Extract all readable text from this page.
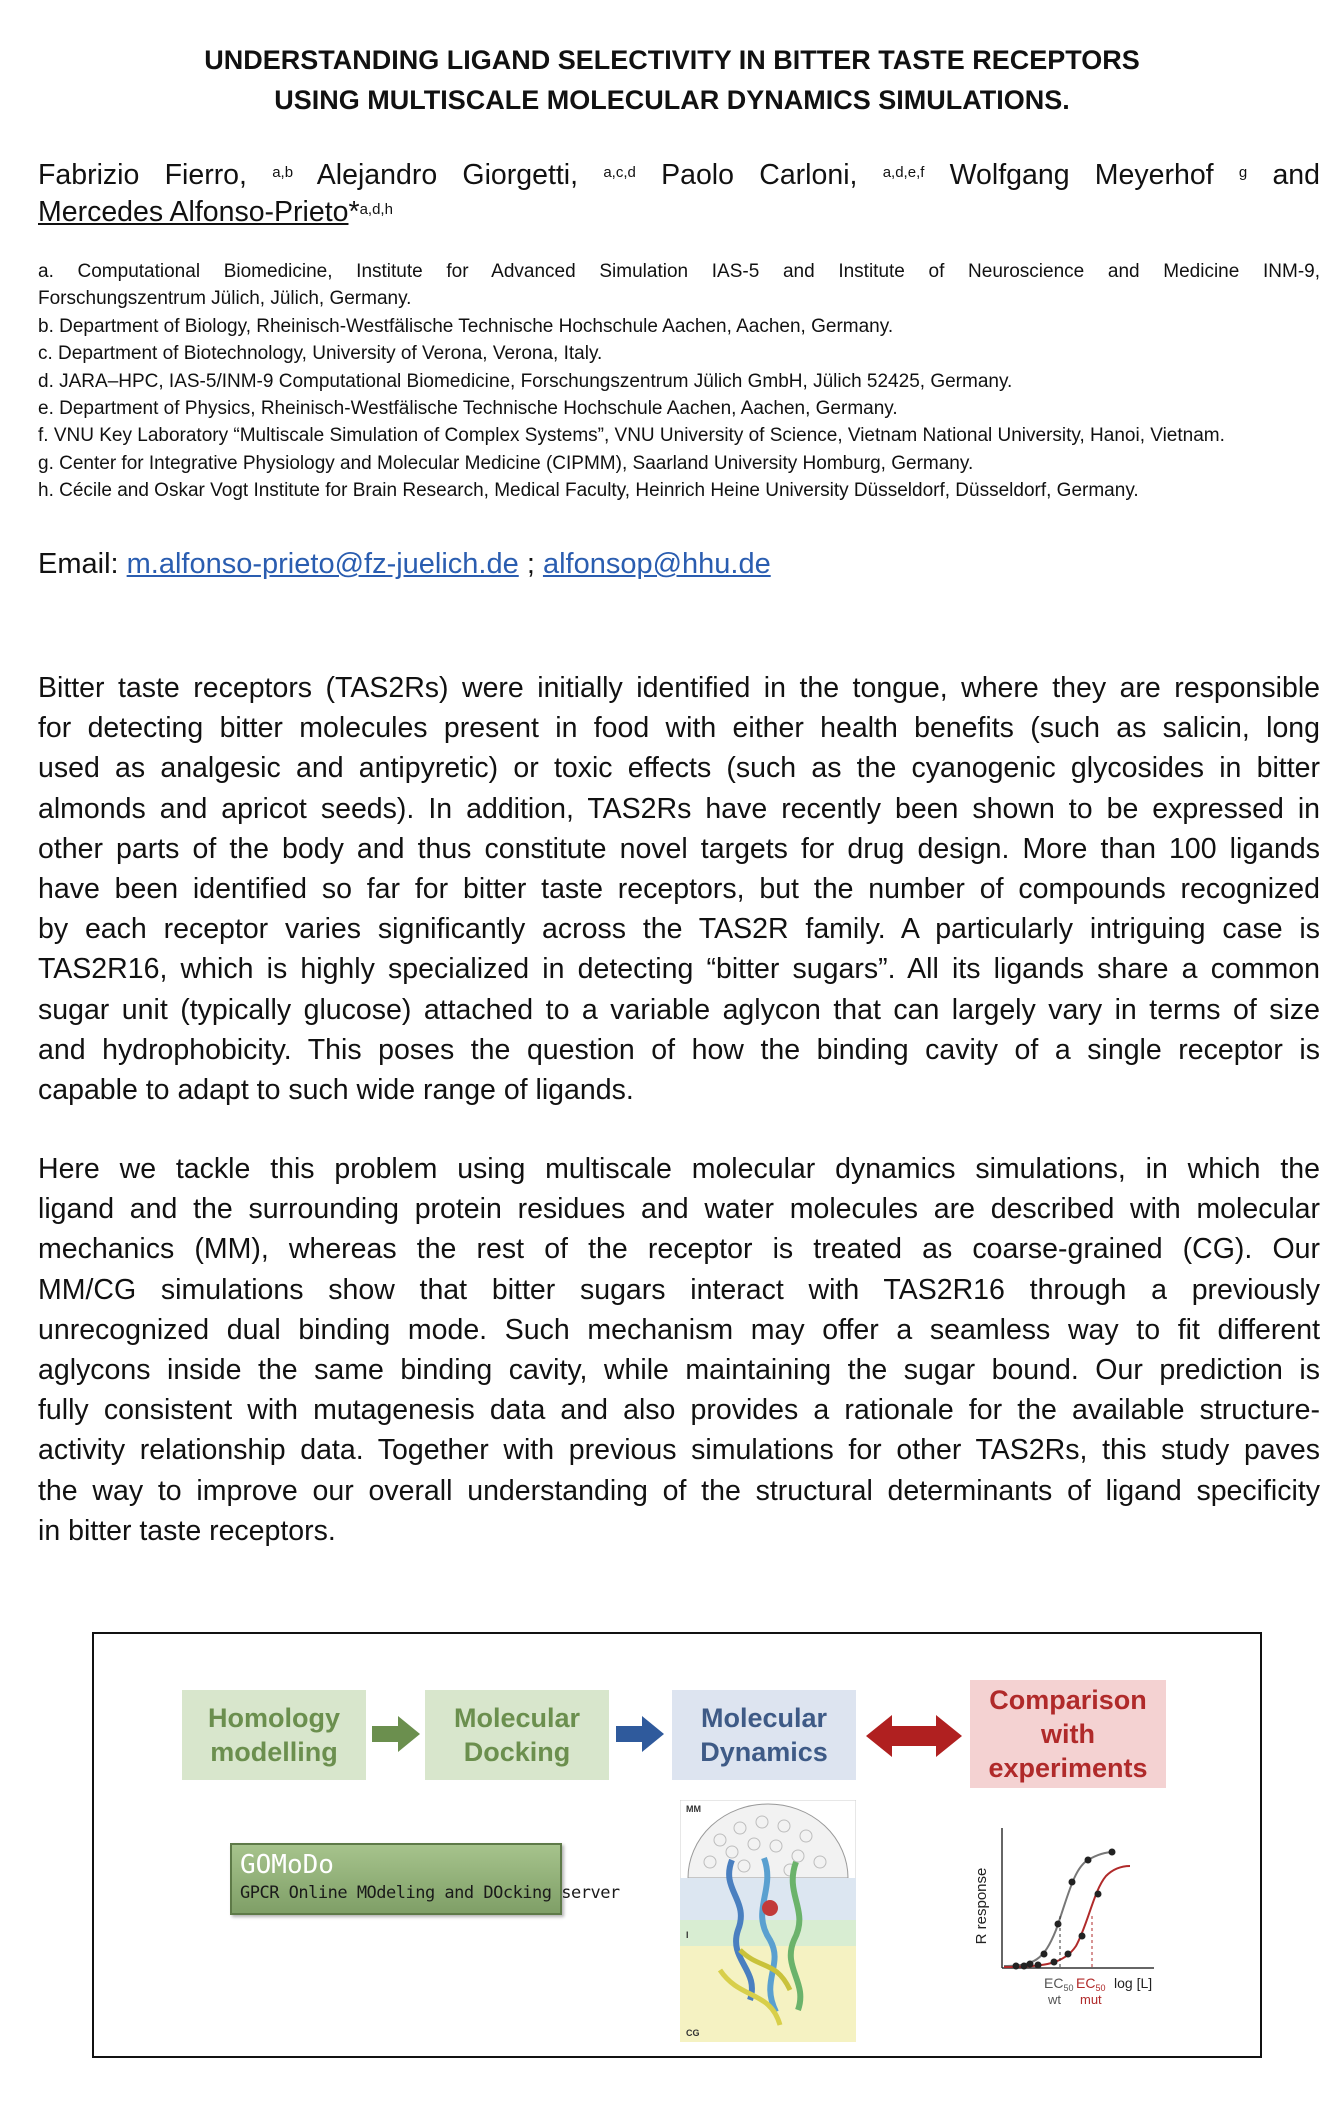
UNDERSTANDING LIGAND SELECTIVITY IN BITTER TASTE RECEPTORS
USING MULTISCALE MOLECULAR DYNAMICS SIMULATIONS.
Fabrizio Fierro, $^{a,b}$ Alejandro Giorgetti, $^{a,c,d}$ Paolo Carloni, $^{a,d,e,f}$ Wolfgang Meyerhof $^g$ and
Mercedes Alfonso-Prieto*$^{a,d,h}$
a. Computational Biomedicine, Institute for Advanced Simulation IAS-5 and Institute of Neuroscience and Medicine INM-9,
Forschungszentrum Jülich, Jülich, Germany.
b. Department of Biology, Rheinisch-Westfälische Technische Hochschule Aachen, Aachen, Germany.
c. Department of Biotechnology, University of Verona, Verona, Italy.
d. JARA–HPC, IAS-5/INM-9 Computational Biomedicine, Forschungszentrum Jülich GmbH, Jülich 52425, Germany.
e. Department of Physics, Rheinisch-Westfälische Technische Hochschule Aachen, Aachen, Germany.
f. VNU Key Laboratory “Multiscale Simulation of Complex Systems”, VNU University of Science, Vietnam National University, Hanoi, Vietnam.
g. Center for Integrative Physiology and Molecular Medicine (CIPMM), Saarland University Homburg, Germany.
h. Cécile and Oskar Vogt Institute for Brain Research, Medical Faculty, Heinrich Heine University Düsseldorf, Düsseldorf, Germany.
Email: m.alfonso-prieto@fz-juelich.de ; alfonsop@hhu.de
Bitter taste receptors (TAS2Rs) were initially identified in the tongue, where they are responsible
for detecting bitter molecules present in food with either health benefits (such as salicin, long
used as analgesic and antipyretic) or toxic effects (such as the cyanogenic glycosides in bitter
almonds and apricot seeds). In addition, TAS2Rs have recently been shown to be expressed in
other parts of the body and thus constitute novel targets for drug design. More than 100 ligands
have been identified so far for bitter taste receptors, but the number of compounds recognized
by each receptor varies significantly across the TAS2R family. A particularly intriguing case is
TAS2R16, which is highly specialized in detecting “bitter sugars”. All its ligands share a common
sugar unit (typically glucose) attached to a variable aglycon that can largely vary in terms of size
and hydrophobicity. This poses the question of how the binding cavity of a single receptor is
capable to adapt to such wide range of ligands.
Here we tackle this problem using multiscale molecular dynamics simulations, in which the
ligand and the surrounding protein residues and water molecules are described with molecular
mechanics (MM), whereas the rest of the receptor is treated as coarse-grained (CG). Our
MM/CG simulations show that bitter sugars interact with TAS2R16 through a previously
unrecognized dual binding mode. Such mechanism may offer a seamless way to fit different
aglycons inside the same binding cavity, while maintaining the sugar bound. Our prediction is
fully consistent with mutagenesis data and also provides a rationale for the available structure-
activity relationship data. Together with previous simulations for other TAS2Rs, this study paves
the way to improve our overall understanding of the structural determinants of ligand specificity
in bitter taste receptors.
Homology
modelling
Molecular
Docking
Molecular
Dynamics
Comparison
with
experiments
GOMoDo
GPCR Online MOdeling and DOcking server
MM
I
CG
R response
$EC_{50}$ $EC_{50}$ log [L]
wt mut
